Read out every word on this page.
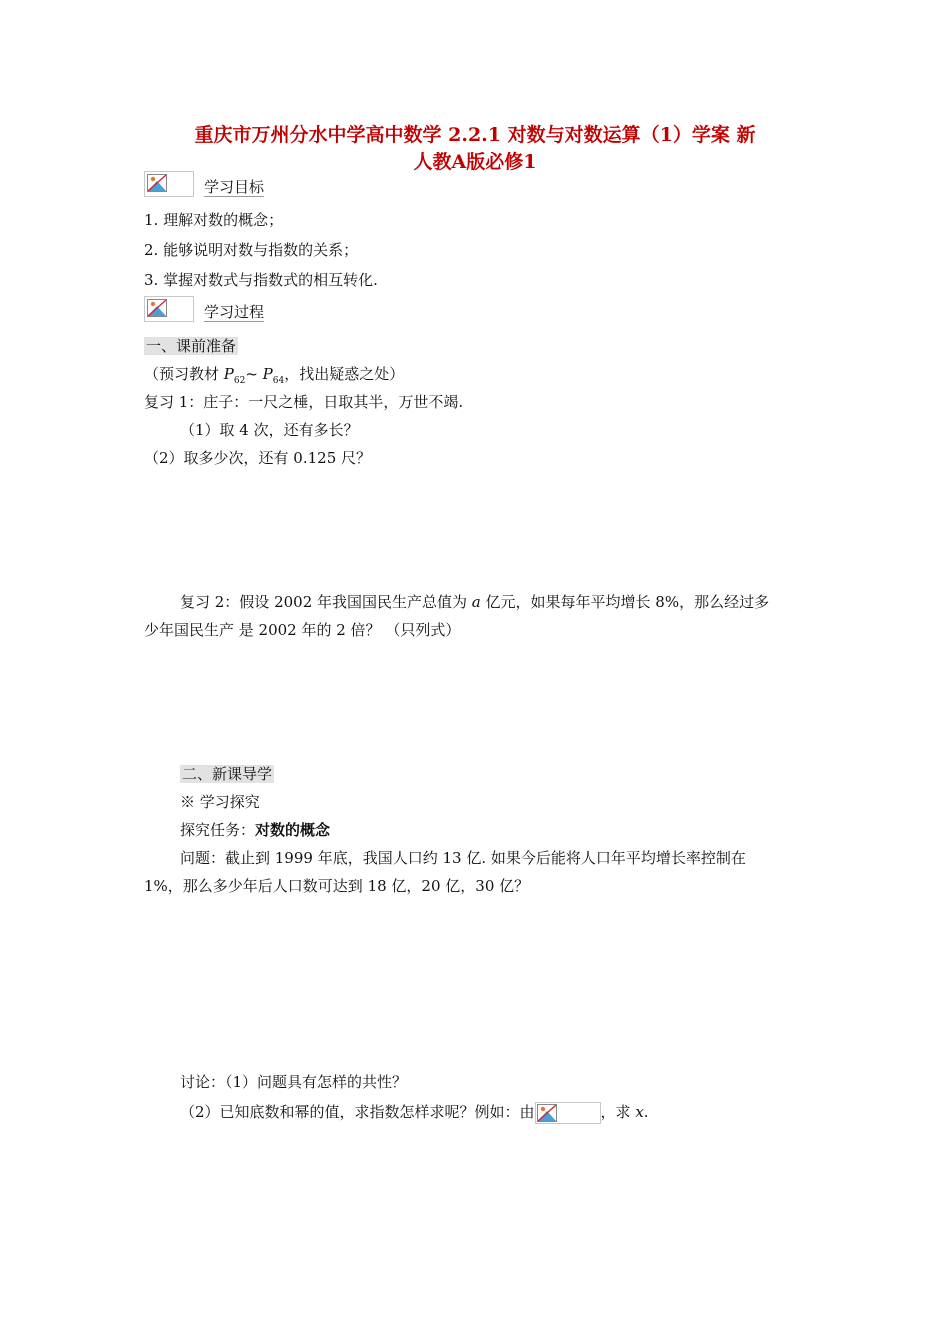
重庆市万州分水中学高中数学 2.2.1 对数与对数运算（1）学案 新
人教A版必修1
学习目标
1. 理解对数的概念；
2. 能够说明对数与指数的关系；
3. 掌握对数式与指数式的相互转化.
学习过程
一、课前准备
（预习教材 $P_{62}\sim$ $P_{64}$，找出疑惑之处）
复习 1：庄子：一尺之棰，日取其半，万世不竭.
（1）取 4 次，还有多长？
（2）取多少次，还有 0.125 尺？
复习 2：假设 2002 年我国国民生产总值为 a 亿元，如果每年平均增长 8%，那么经过多
少年国民生产 是 2002 年的 2 倍？ （只列式）
二、新课导学
※ 学习探究
探究任务：对数的概念
问题：截止到 1999 年底，我国人口约 13 亿. 如果今后能将人口年平均增长率控制在
1%，那么多少年后人口数可达到 18 亿，20 亿，30 亿？
讨论：（1）问题具有怎样的共性？
（2）已知底数和幂的值，求指数怎样求呢？例如：由	，求 x.
